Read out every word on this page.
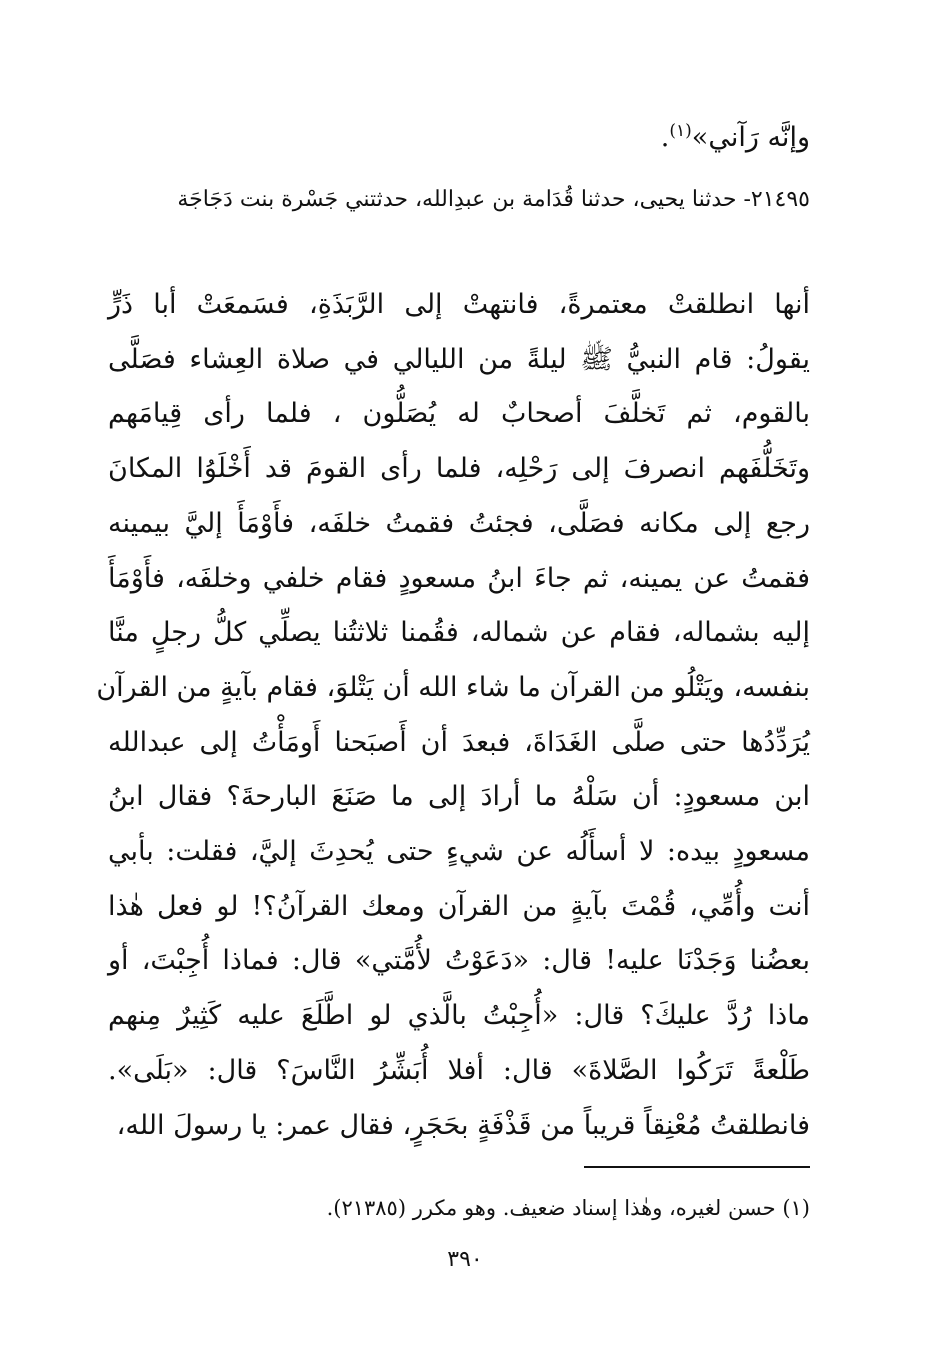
وإنَّه رَآني»$^{(١)}$.

٢١٤٩٥- حدثنا يحيى، حدثنا قُدَامة بن عبدِالله، حدثتني جَسْرة بنت دَجَاجَة

أنها انطلقتْ معتمرةً، فانتهتْ إلى الرَّبَذَةِ، فسَمعَتْ أبا ذَرٍّ
يقولُ: قام النبيُّ ﷺ ليلةً من الليالي في صلاة العِشاء فصَلَّى
بالقوم، ثم تَخلَّفَ أصحابٌ له يُصَلُّون ، فلما رأى قِيامَهم
وتَخَلُّفَهم انصرفَ إلى رَحْلِه، فلما رأى القومَ قد أَخْلَوُا المكانَ
رجع إلى مكانه فصَلَّى، فجئتُ فقمتُ خلفَه، فأَوْمَأَ إليَّ بيمينه
فقمتُ عن يمينه، ثم جاءَ ابنُ مسعودٍ فقام خلفي وخلفَه، فأَوْمَأَ
إليه بشماله، فقام عن شماله، فقُمنا ثلاثتُنا يصلِّي كلُّ رجلٍ منَّا
بنفسه، ويَتْلُو من القرآن ما شاء الله أن يَتْلوَ، فقام بآيةٍ من القرآن
يُرَدِّدُها حتى صلَّى الغَدَاةَ، فبعدَ أن أَصبَحنا أَومَأْتُ إلى عبدالله
ابن مسعودٍ: أن سَلْهُ ما أرادَ إلى ما صَنَعَ البارحةَ؟ فقال ابنُ
مسعودٍ بيده: لا أسأَلُه عن شيءٍ حتى يُحدِثَ إليَّ، فقلت: بأبي
أنت وأُمِّي، قُمْتَ بآيةٍ من القرآن ومعك القرآنُ؟! لو فعل هٰذا
بعضُنا وَجَدْنَا عليه! قال: «دَعَوْتُ لأُمَّتي» قال: فماذا أُجِبْتَ، أو
ماذا رُدَّ عليكَ؟ قال: «أُجِبْتُ بالَّذي لو اطَّلَعَ عليه كَثِيرٌ مِنهم
طَلْعةً تَرَكُوا الصَّلاةَ» قال: أفلا أُبَشِّرُ النَّاسَ؟ قال: «بَلَى».
فانطلقتُ مُعْنِقاً قريباً من قَذْفَةٍ بحَجَرٍ، فقال عمر: يا رسولَ الله،

(١) حسن لغيره، وهٰذا إسناد ضعيف. وهو مكرر (٢١٣٨٥).

٣٩٠
